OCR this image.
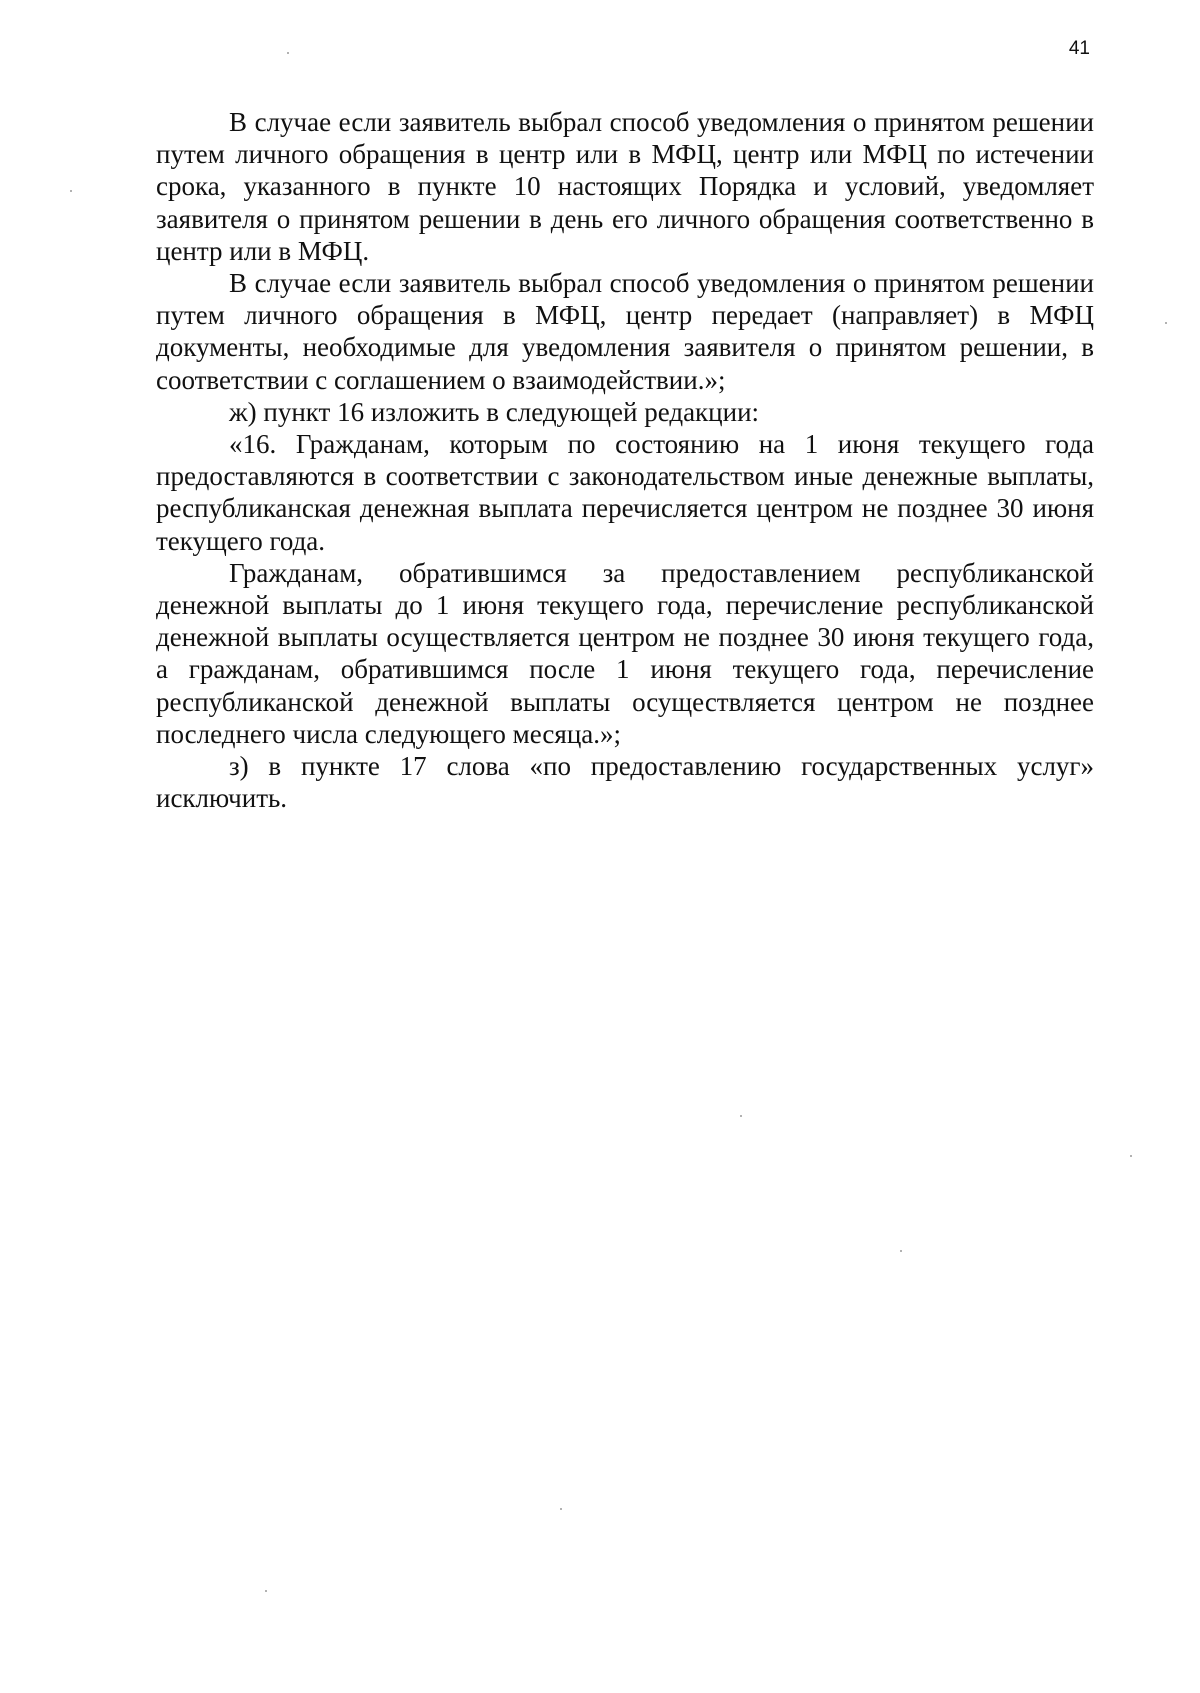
41

В случае если заявитель выбрал способ уведомления о принятом решении путем личного обращения в центр или в МФЦ, центр или МФЦ по истечении срока, указанного в пункте 10 настоящих Порядка и условий, уведомляет заявителя о принятом решении в день его личного обращения соответственно в центр или в МФЦ.

В случае если заявитель выбрал способ уведомления о принятом решении путем личного обращения в МФЦ, центр передает (направляет) в МФЦ документы, необходимые для уведомления заявителя о принятом решении, в соответствии с соглашением о взаимодействии.»;

ж) пункт 16 изложить в следующей редакции:

«16. Гражданам, которым по состоянию на 1 июня текущего года предоставляются в соответствии с законодательством иные денежные выплаты, республиканская денежная выплата перечисляется центром не позднее 30 июня текущего года.

Гражданам, обратившимся за предоставлением республиканской денежной выплаты до 1 июня текущего года, перечисление республиканской денежной выплаты осуществляется центром не позднее 30 июня текущего года, а гражданам, обратившимся после 1 июня текущего года, перечисление республиканской денежной выплаты осуществляется центром не позднее последнего числа следующего месяца.»;

з) в пункте 17 слова «по предоставлению государственных услуг» исключить.
